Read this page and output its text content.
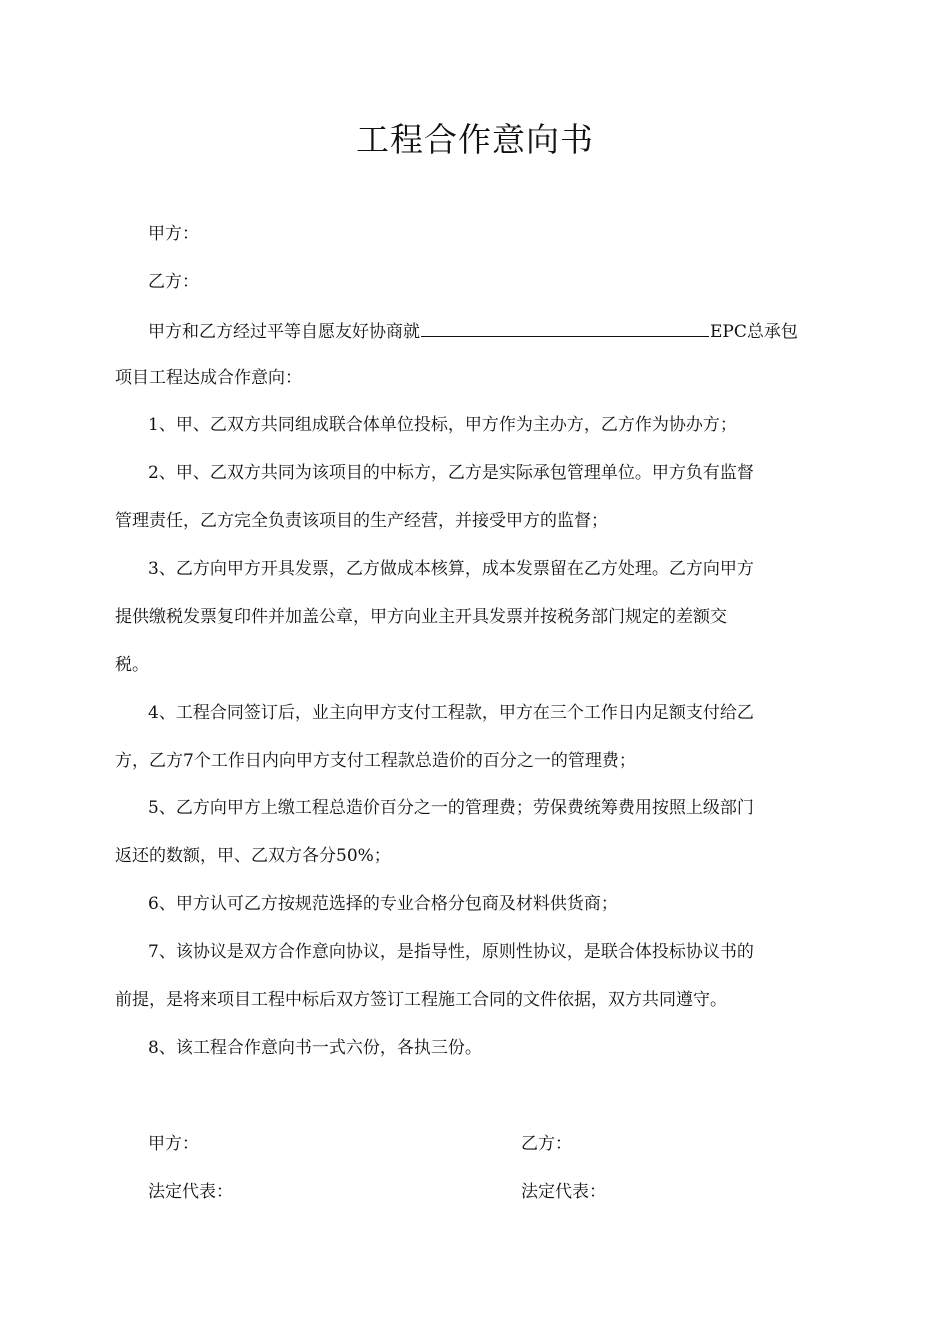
工程合作意向书
甲方：
乙方：
甲方和乙方经过平等自愿友好协商就	EPC总承包
项目工程达成合作意向：
1、甲、乙双方共同组成联合体单位投标，甲方作为主办方，乙方作为协办方；
2、甲、乙双方共同为该项目的中标方，乙方是实际承包管理单位。甲方负有监督
管理责任，乙方完全负责该项目的生产经营，并接受甲方的监督；
3、乙方向甲方开具发票，乙方做成本核算，成本发票留在乙方处理。乙方向甲方
提供缴税发票复印件并加盖公章，甲方向业主开具发票并按税务部门规定的差额交
税。
4、工程合同签订后，业主向甲方支付工程款，甲方在三个工作日内足额支付给乙
方，乙方7个工作日内向甲方支付工程款总造价的百分之一的管理费；
5、乙方向甲方上缴工程总造价百分之一的管理费；劳保费统筹费用按照上级部门
返还的数额，甲、乙双方各分50%；
6、甲方认可乙方按规范选择的专业合格分包商及材料供货商；
7、该协议是双方合作意向协议，是指导性，原则性协议，是联合体投标协议书的
前提，是将来项目工程中标后双方签订工程施工合同的文件依据，双方共同遵守。
8、该工程合作意向书一式六份，各执三份。
甲方：	乙方：
法定代表：	法定代表：
